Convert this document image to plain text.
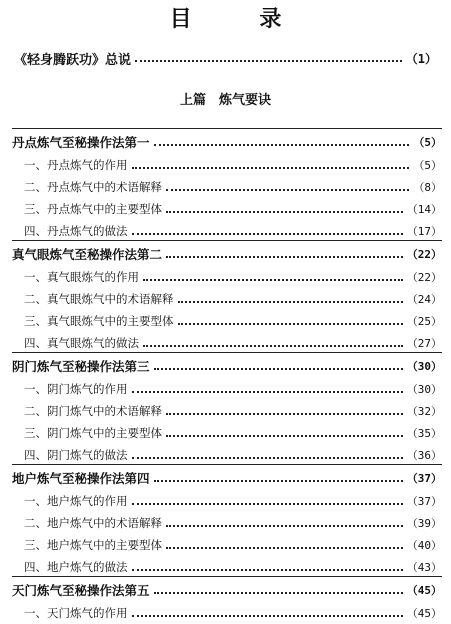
目 录
《轻身腾跃功》总说	（1）
上篇　炼气要诀
丹点炼气至秘操作法第一	（5）
一、丹点炼气的作用	（5）
二、丹点炼气中的术语解释	（8）
三、丹点炼气中的主要型体	（14）
四、丹点炼气的做法	（17）
真气眼炼气至秘操作法第二	（22）
一、真气眼炼气的作用	（22）
二、真气眼炼气中的术语解释	（24）
三、真气眼炼气中的主要型体	（25）
四、真气眼炼气的做法	（27）
阴门炼气至秘操作法第三	（30）
一、阴门炼气的作用	（30）
二、阴门炼气中的术语解释	（32）
三、阴门炼气中的主要型体	（35）
四、阴门炼气的做法	（36）
地户炼气至秘操作法第四	（37）
一、地户炼气的作用	（37）
二、地户炼气中的术语解释	（39）
三、地户炼气中的主要型体	（40）
四、地户炼气的做法	（43）
天门炼气至秘操作法第五	（45）
一、天门炼气的作用	（45）
